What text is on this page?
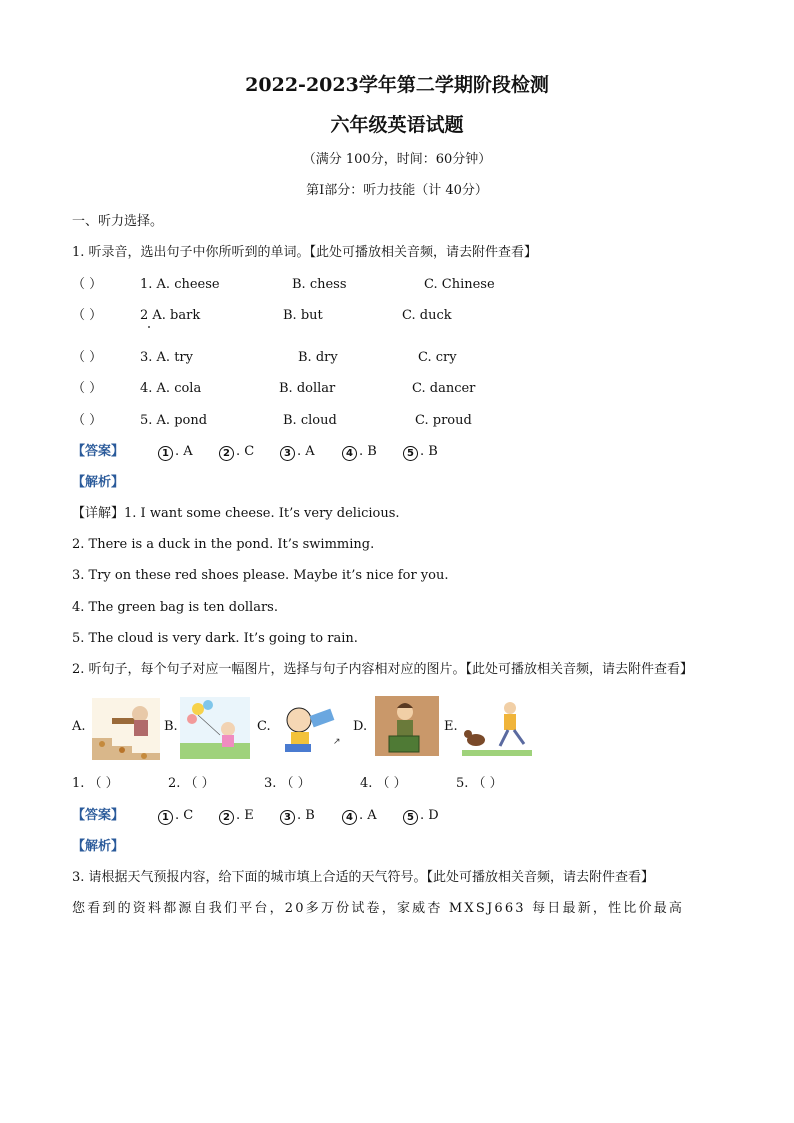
2022-2023学年第二学期阶段检测
六年级英语试题
（满分 100分，时间：60分钟）
第Ⅰ部分：听力技能（计 40分）
一、听力选择。
1. 听录音，选出句子中你所听到的单词。【此处可播放相关音频，请去附件查看】
（ ）	1. A. cheese	B. chess	C. Chinese
（ ）	2 A. bark	B. but	C. duck
（ ）	3. A. try	B. dry	C. cry
（ ）	4. A. cola	B. dollar	C. dancer
（ ）	5. A. pond	B. cloud	C. proud
【答案】	1 . A	2 . C	3 . A	4 . B	5 . B
【解析】
【详解】1. I want some cheese. It’s very delicious.
2. There is a duck in the pond. It’s swimming.
3. Try on these red shoes please. Maybe it’s nice for you.
4. The green bag is ten dollars.
5. The cloud is very dark. It’s going to rain.
2. 听句子，每个句子对应一幅图片，选择与句子内容相对应的图片。【此处可播放相关音频，请去附件查看】
A.	B.	C.
↗
D.	E.
1. （ ）	2. （ ）	3. （ ）	4. （ ）	5. （ ）
【答案】	1 . C	2 . E	3 . B	4 . A	5 . D
【解析】
3. 请根据天气预报内容，给下面的城市填上合适的天气符号。【此处可播放相关音频，请去附件查看】
您看到的资料都源自我们平台，20多万份试卷，家威杏 MXSJ663 每日最新，性比价最高
